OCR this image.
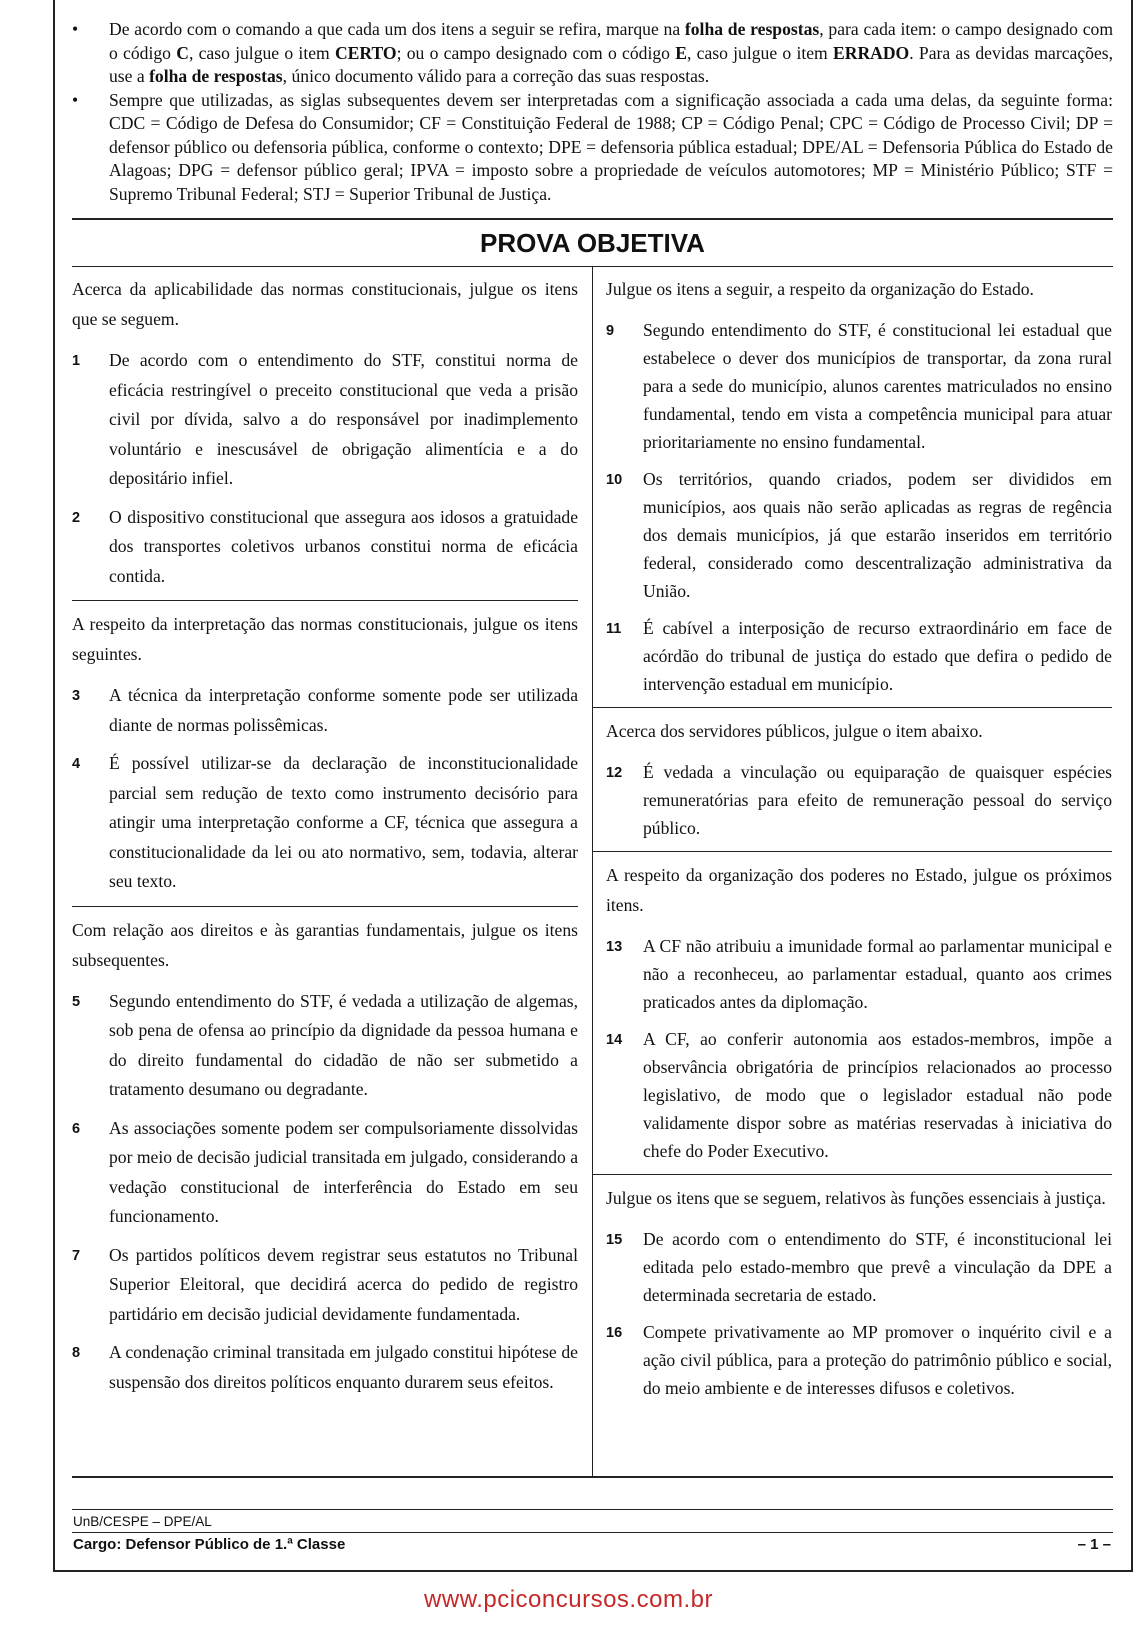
• De acordo com o comando a que cada um dos itens a seguir se refira, marque na folha de respostas, para cada item: o campo designado com o código C, caso julgue o item CERTO; ou o campo designado com o código E, caso julgue o item ERRADO. Para as devidas marcações, use a folha de respostas, único documento válido para a correção das suas respostas.
• Sempre que utilizadas, as siglas subsequentes devem ser interpretadas com a significação associada a cada uma delas, da seguinte forma: CDC = Código de Defesa do Consumidor; CF = Constituição Federal de 1988; CP = Código Penal; CPC = Código de Processo Civil; DP = defensor público ou defensoria pública, conforme o contexto; DPE = defensoria pública estadual; DPE/AL = Defensoria Pública do Estado de Alagoas; DPG = defensor público geral; IPVA = imposto sobre a propriedade de veículos automotores; MP = Ministério Público; STF = Supremo Tribunal Federal; STJ = Superior Tribunal de Justiça.
PROVA OBJETIVA
Acerca da aplicabilidade das normas constitucionais, julgue os itens que se seguem.
1 De acordo com o entendimento do STF, constitui norma de eficácia restringível o preceito constitucional que veda a prisão civil por dívida, salvo a do responsável por inadimplemento voluntário e inescusável de obrigação alimentícia e a do depositário infiel.
2 O dispositivo constitucional que assegura aos idosos a gratuidade dos transportes coletivos urbanos constitui norma de eficácia contida.
A respeito da interpretação das normas constitucionais, julgue os itens seguintes.
3 A técnica da interpretação conforme somente pode ser utilizada diante de normas polissêmicas.
4 É possível utilizar-se da declaração de inconstitucionalidade parcial sem redução de texto como instrumento decisório para atingir uma interpretação conforme a CF, técnica que assegura a constitucionalidade da lei ou ato normativo, sem, todavia, alterar seu texto.
Com relação aos direitos e às garantias fundamentais, julgue os itens subsequentes.
5 Segundo entendimento do STF, é vedada a utilização de algemas, sob pena de ofensa ao princípio da dignidade da pessoa humana e do direito fundamental do cidadão de não ser submetido a tratamento desumano ou degradante.
6 As associações somente podem ser compulsoriamente dissolvidas por meio de decisão judicial transitada em julgado, considerando a vedação constitucional de interferência do Estado em seu funcionamento.
7 Os partidos políticos devem registrar seus estatutos no Tribunal Superior Eleitoral, que decidirá acerca do pedido de registro partidário em decisão judicial devidamente fundamentada.
8 A condenação criminal transitada em julgado constitui hipótese de suspensão dos direitos políticos enquanto durarem seus efeitos.
Julgue os itens a seguir, a respeito da organização do Estado.
9 Segundo entendimento do STF, é constitucional lei estadual que estabelece o dever dos municípios de transportar, da zona rural para a sede do município, alunos carentes matriculados no ensino fundamental, tendo em vista a competência municipal para atuar prioritariamente no ensino fundamental.
10 Os territórios, quando criados, podem ser divididos em municípios, aos quais não serão aplicadas as regras de regência dos demais municípios, já que estarão inseridos em território federal, considerado como descentralização administrativa da União.
11 É cabível a interposição de recurso extraordinário em face de acórdão do tribunal de justiça do estado que defira o pedido de intervenção estadual em município.
Acerca dos servidores públicos, julgue o item abaixo.
12 É vedada a vinculação ou equiparação de quaisquer espécies remuneratórias para efeito de remuneração pessoal do serviço público.
A respeito da organização dos poderes no Estado, julgue os próximos itens.
13 A CF não atribuiu a imunidade formal ao parlamentar municipal e não a reconheceu, ao parlamentar estadual, quanto aos crimes praticados antes da diplomação.
14 A CF, ao conferir autonomia aos estados-membros, impõe a observância obrigatória de princípios relacionados ao processo legislativo, de modo que o legislador estadual não pode validamente dispor sobre as matérias reservadas à iniciativa do chefe do Poder Executivo.
Julgue os itens que se seguem, relativos às funções essenciais à justiça.
15 De acordo com o entendimento do STF, é inconstitucional lei editada pelo estado-membro que prevê a vinculação da DPE a determinada secretaria de estado.
16 Compete privativamente ao MP promover o inquérito civil e a ação civil pública, para a proteção do patrimônio público e social, do meio ambiente e de interesses difusos e coletivos.
UnB/CESPE – DPE/AL
Cargo: Defensor Público de 1.ª Classe	– 1 –
www.pciconcursos.com.br
